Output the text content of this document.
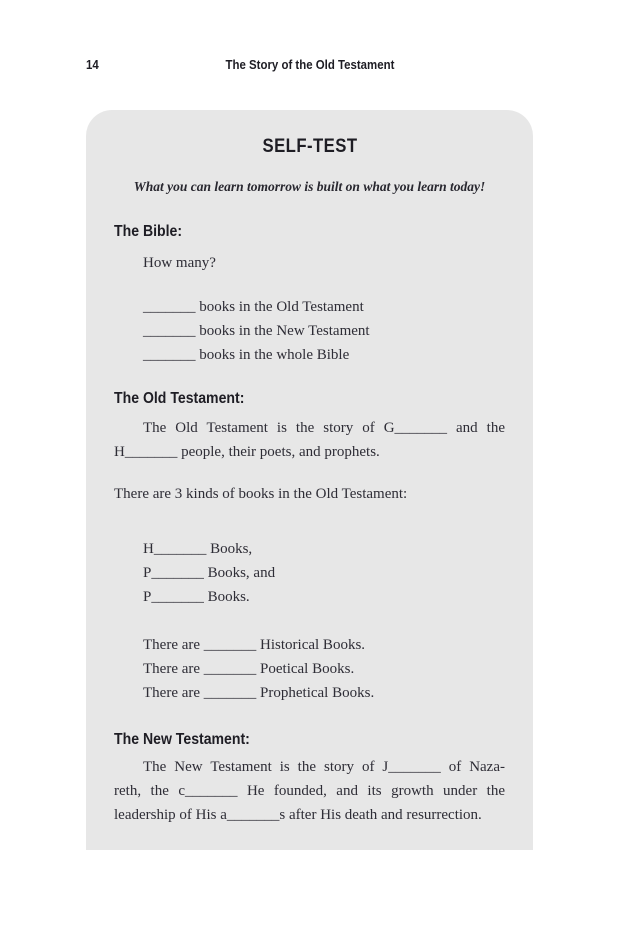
14	The Story of the Old Testament
SELF-TEST
What you can learn tomorrow is built on what you learn today!
The Bible:
How many?
_______ books in the Old Testament
_______ books in the New Testament
_______ books in the whole Bible
The Old Testament:
The Old Testament is the story of G_______ and the
H_______ people, their poets, and prophets.
There are 3 kinds of books in the Old Testament:
H_______ Books,
P_______ Books, and
P_______ Books.
There are _______ Historical Books.
There are _______ Poetical Books.
There are _______ Prophetical Books.
The New Testament:
The New Testament is the story of J_______ of Naza-
reth, the c_______ He founded, and its growth under the
leadership of His a_______s after His death and resurrection.
